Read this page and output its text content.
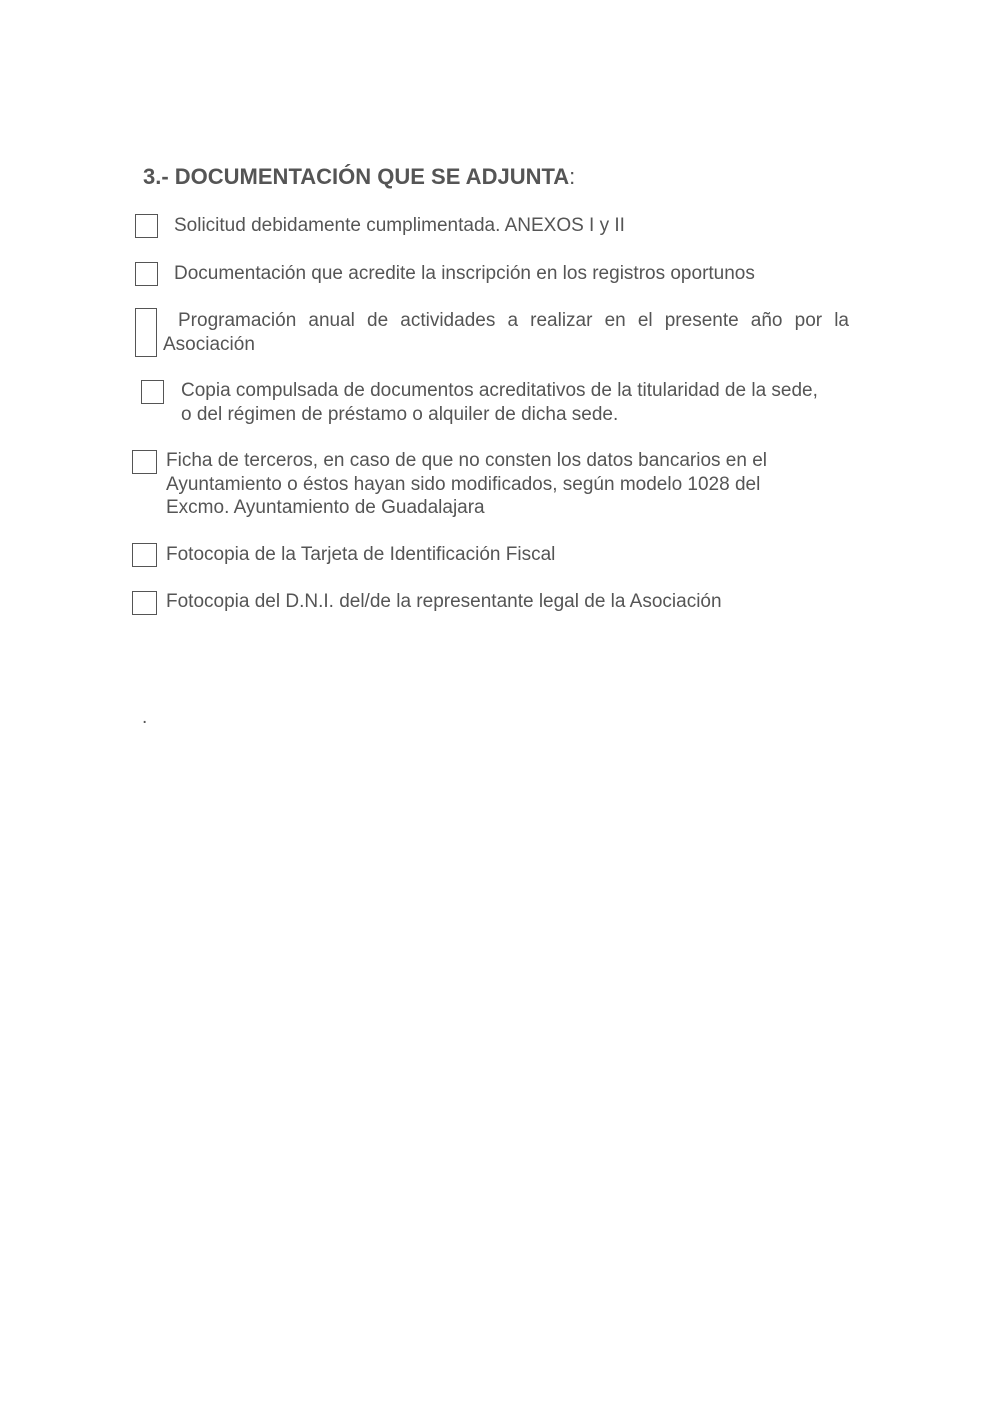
3.- DOCUMENTACIÓN QUE SE ADJUNTA:
Solicitud debidamente cumplimentada. ANEXOS I y II
Documentación que acredite la inscripción en los registros oportunos
Programación anual de actividades a realizar en el presente año por la Asociación
Copia compulsada de documentos acreditativos de la titularidad de la sede,
o del régimen de préstamo o alquiler de dicha sede.
Ficha de terceros, en caso de que no consten los datos bancarios en el
Ayuntamiento o éstos hayan sido modificados, según modelo 1028 del
Excmo. Ayuntamiento de Guadalajara
Fotocopia de la Tarjeta de Identificación Fiscal
Fotocopia del D.N.I. del/de la representante legal de la Asociación
.
